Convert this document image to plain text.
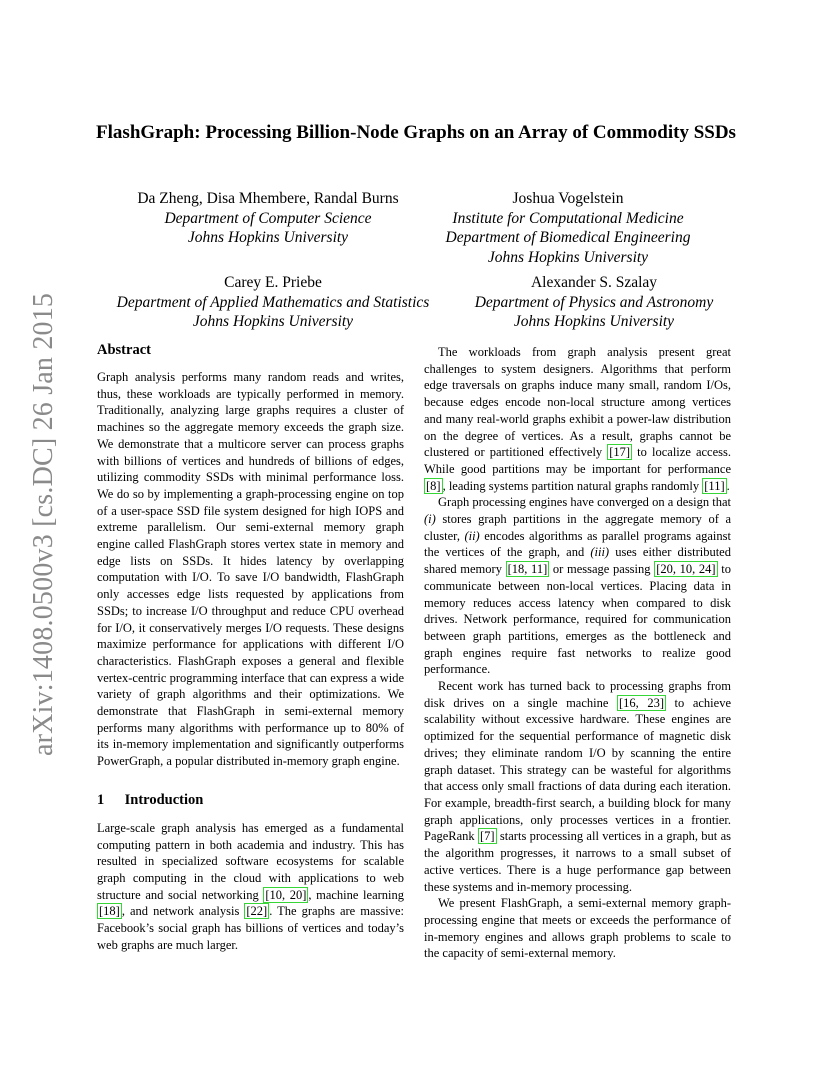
arXiv:1408.0500v3 [cs.DC] 26 Jan 2015
FlashGraph: Processing Billion-Node Graphs on an Array of Commodity SSDs
Da Zheng, Disa Mhembere, Randal Burns
Department of Computer Science
Johns Hopkins University
Joshua Vogelstein
Institute for Computational Medicine
Department of Biomedical Engineering
Johns Hopkins University
Carey E. Priebe
Department of Applied Mathematics and Statistics
Johns Hopkins University
Alexander S. Szalay
Department of Physics and Astronomy
Johns Hopkins University
Abstract

Graph analysis performs many random reads and writes, thus, these workloads are typically performed in memory. Traditionally, analyzing large graphs requires a cluster of machines so the aggregate memory exceeds the graph size. We demonstrate that a multicore server can process graphs with billions of vertices and hundreds of billions of edges, utilizing commodity SSDs with minimal performance loss. We do so by implementing a graph-processing engine on top of a user-space SSD file system designed for high IOPS and extreme parallelism. Our semi-external memory graph engine called FlashGraph stores vertex state in memory and edge lists on SSDs. It hides latency by overlapping computation with I/O. To save I/O bandwidth, FlashGraph only accesses edge lists requested by applications from SSDs; to increase I/O throughput and reduce CPU overhead for I/O, it conservatively merges I/O requests. These designs maximize performance for applications with different I/O characteristics. FlashGraph exposes a general and flexible vertex-centric programming interface that can express a wide variety of graph algorithms and their optimizations. We demonstrate that FlashGraph in semi-external memory performs many algorithms with performance up to 80% of its in-memory implementation and significantly outperforms PowerGraph, a popular distributed in-memory graph engine.

1 Introduction

Large-scale graph analysis has emerged as a fundamental computing pattern in both academia and industry. This has resulted in specialized software ecosystems for scalable graph computing in the cloud with applications to web structure and social networking [10, 20] , machine learning [18] , and network analysis [22] . The graphs are massive: Facebook’s social graph has billions of vertices and today’s web graphs are much larger.

The workloads from graph analysis present great challenges to system designers. Algorithms that perform edge traversals on graphs induce many small, random I/Os, because edges encode non-local structure among vertices and many real-world graphs exhibit a power-law distribution on the degree of vertices. As a result, graphs cannot be clustered or partitioned effectively [17] to localize access. While good partitions may be important for performance [8] , leading systems partition natural graphs randomly [11] .

Graph processing engines have converged on a design that (i) stores graph partitions in the aggregate memory of a cluster, (ii) encodes algorithms as parallel programs against the vertices of the graph, and (iii) uses either distributed shared memory [18, 11] or message passing [20, 10, 24] to communicate between non-local vertices. Placing data in memory reduces access latency when compared to disk drives. Network performance, required for communication between graph partitions, emerges as the bottleneck and graph engines require fast networks to realize good performance.

Recent work has turned back to processing graphs from disk drives on a single machine [16, 23] to achieve scalability without excessive hardware. These engines are optimized for the sequential performance of magnetic disk drives; they eliminate random I/O by scanning the entire graph dataset. This strategy can be wasteful for algorithms that access only small fractions of data during each iteration. For example, breadth-first search, a building block for many graph applications, only processes vertices in a frontier. PageRank [7] starts processing all vertices in a graph, but as the algorithm progresses, it narrows to a small subset of active vertices. There is a huge performance gap between these systems and in-memory processing.

We present FlashGraph, a semi-external memory graph-processing engine that meets or exceeds the performance of in-memory engines and allows graph problems to scale to the capacity of semi-external memory.
